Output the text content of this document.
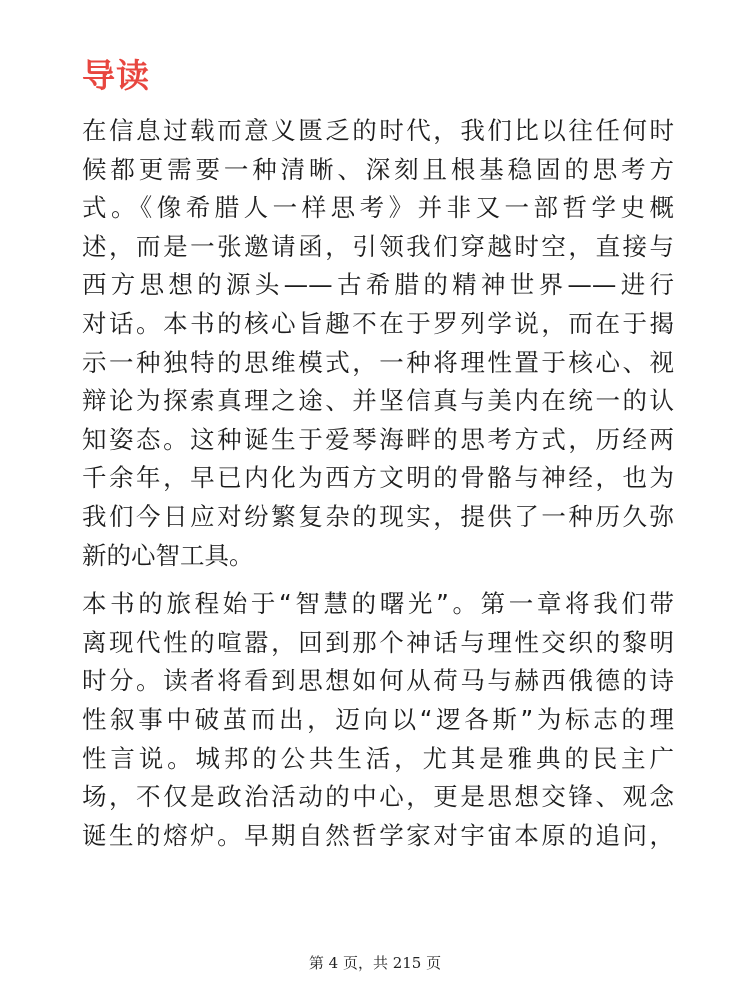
导读

在信息过载而意义匮乏的时代，我们比以往任何时
候都更需要一种清晰、深刻且根基稳固的思考方
式。《像希腊人一样思考》并非又一部哲学史概
述，而是一张邀请函，引领我们穿越时空，直接与
西方思想的源头——古希腊的精神世界——进行
对话。本书的核心旨趣不在于罗列学说，而在于揭
示一种独特的思维模式，一种将理性置于核心、视
辩论为探索真理之途、并坚信真与美内在统一的认
知姿态。这种诞生于爱琴海畔的思考方式，历经两
千余年，早已内化为西方文明的骨骼与神经，也为
我们今日应对纷繁复杂的现实，提供了一种历久弥
新的心智工具。

本书的旅程始于“智慧的曙光”。第一章将我们带
离现代性的喧嚣，回到那个神话与理性交织的黎明
时分。读者将看到思想如何从荷马与赫西俄德的诗
性叙事中破茧而出，迈向以“逻各斯”为标志的理
性言说。城邦的公共生活，尤其是雅典的民主广
场，不仅是政治活动的中心，更是思想交锋、观念
诞生的熔炉。早期自然哲学家对宇宙本原的追问，

第 4 页，共 215 页
